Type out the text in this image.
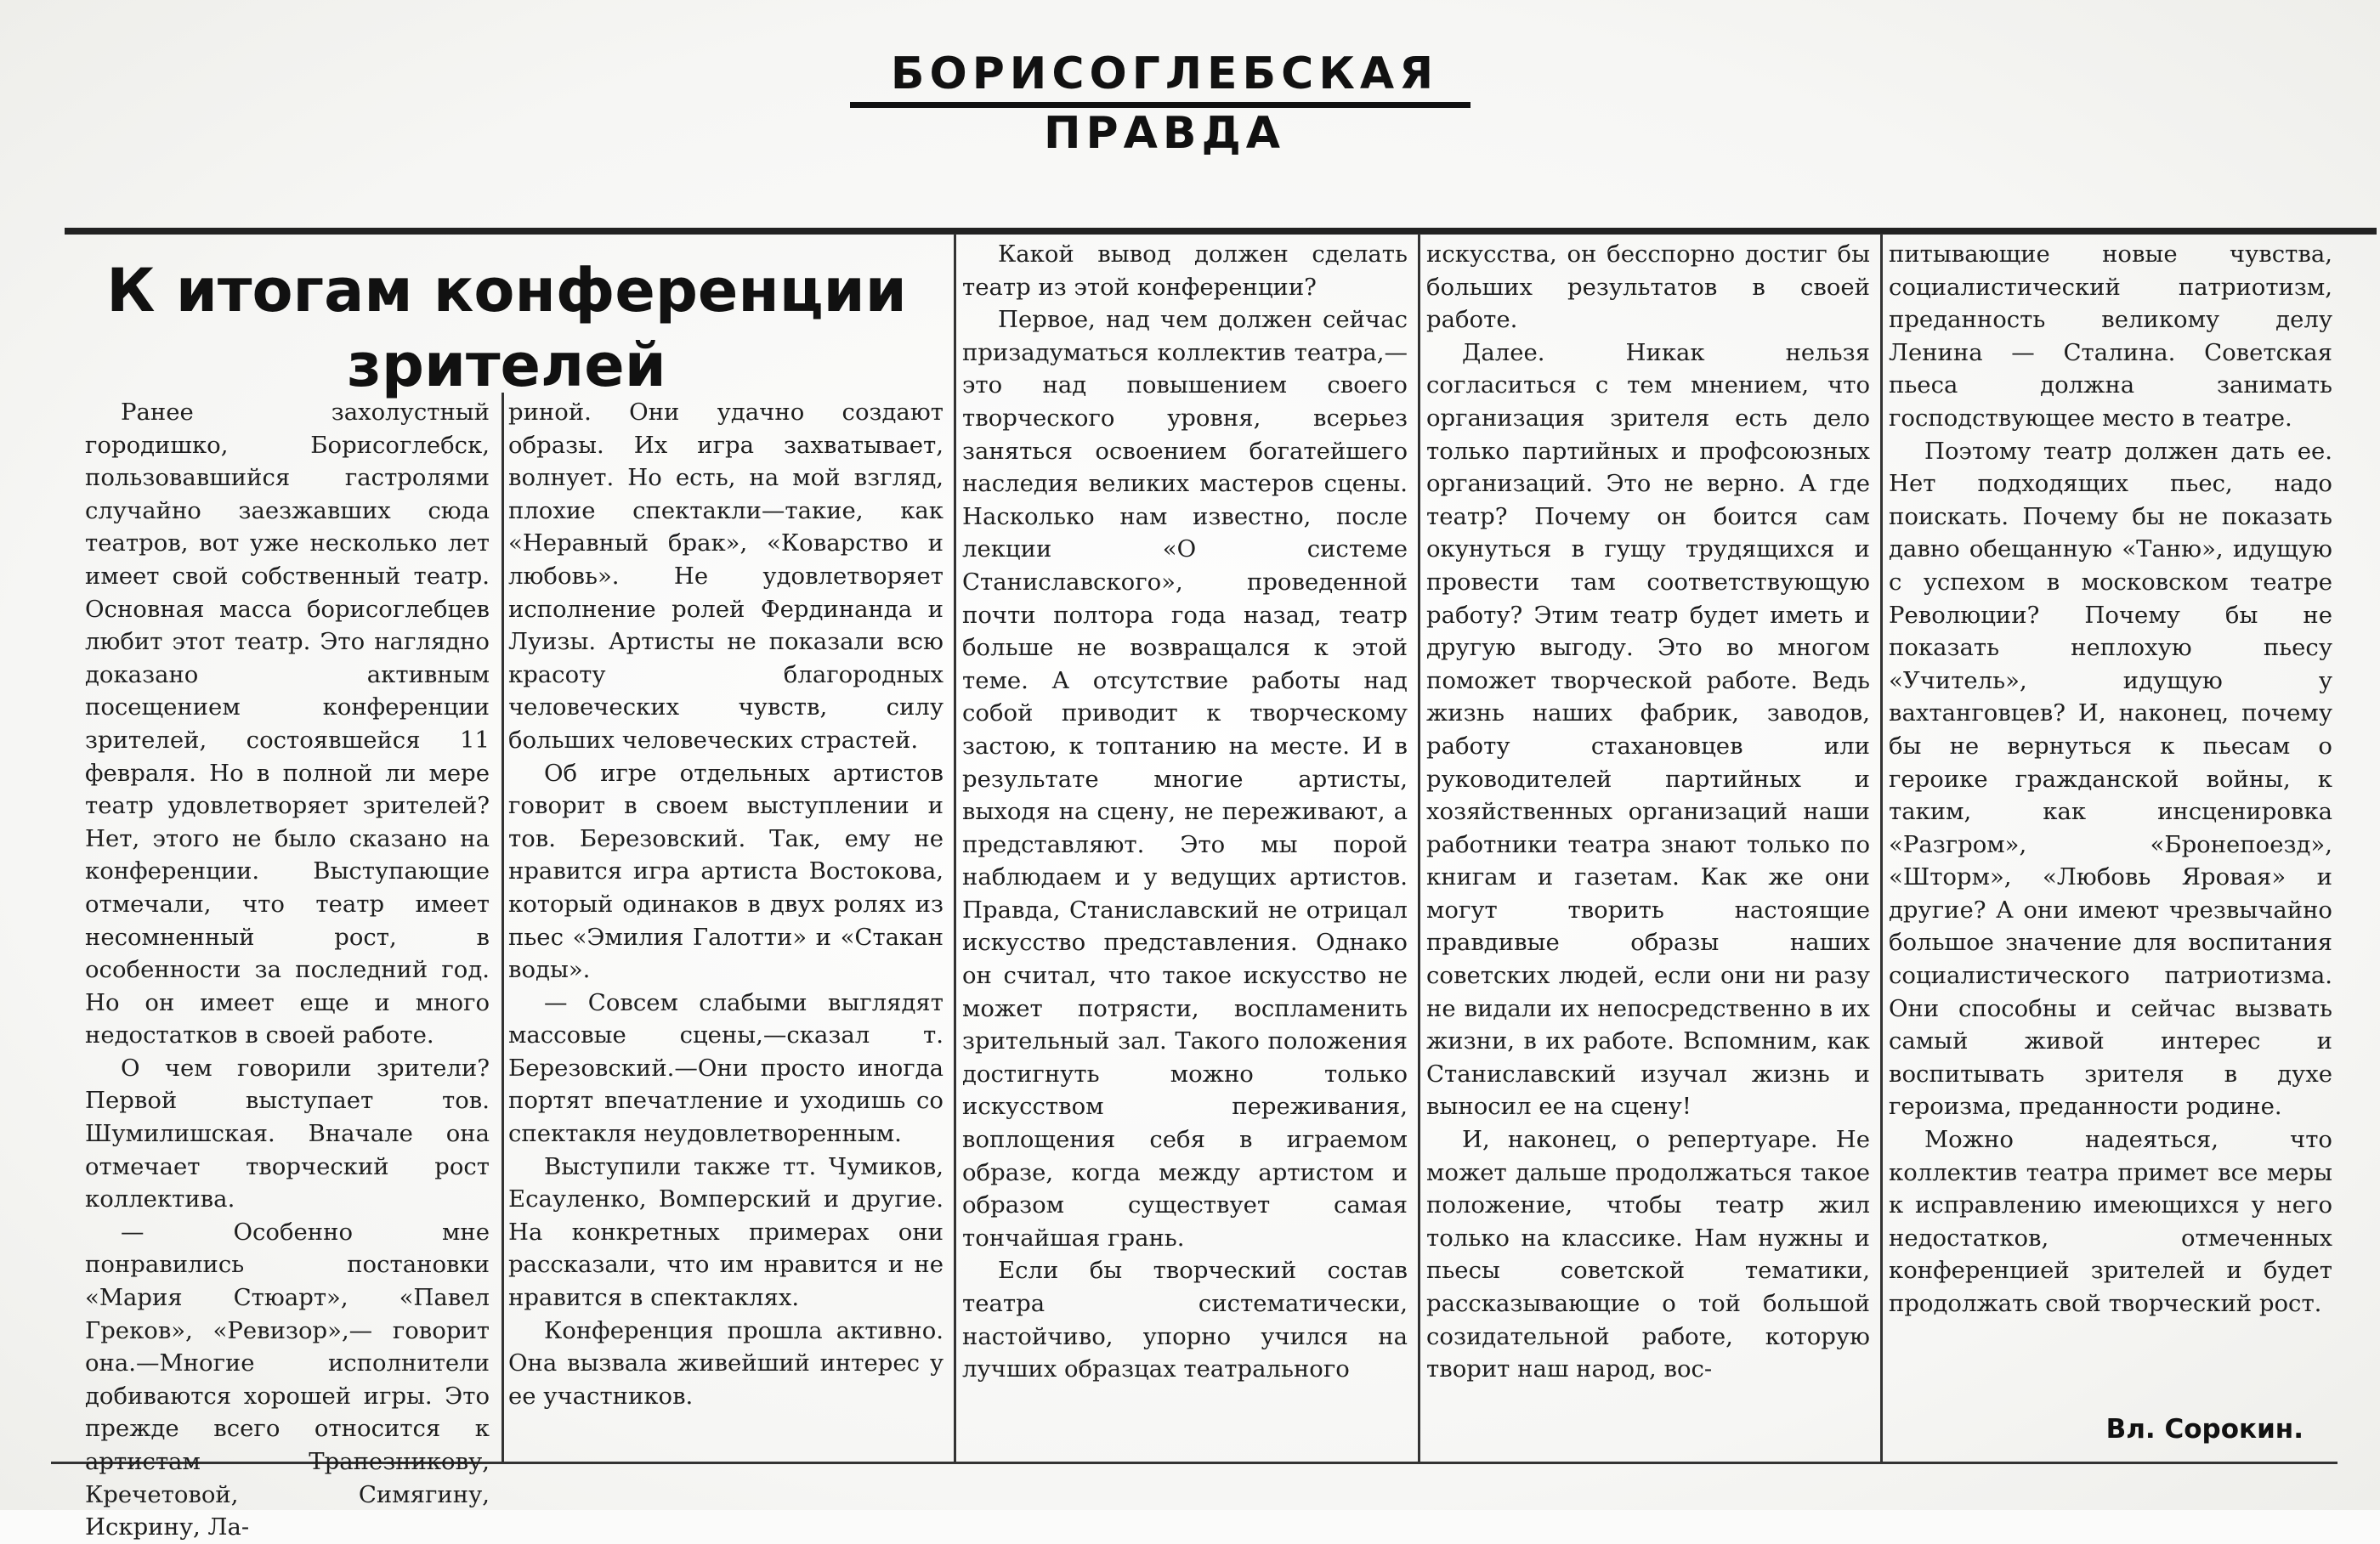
БОРИСОГЛЕБСКАЯ ПРАВДА
К итогам конференции
зрителей

Ранее захолустный городишко, Борисоглебск, пользовавшийся гастролями случайно заезжавших сюда театров, вот уже несколько лет имеет свой собственный театр. Основная масса борисоглебцев любит этот театр. Это наглядно доказано активным посещением конференции зрителей, состоявшейся 11 февраля. Но в полной ли мере театр удовлетворяет зрителей? Нет, этого не было сказано на конференции. Выступающие отмечали, что театр имеет несомненный рост, в особенности за последний год. Но он имеет еще и много недостатков в своей работе.

О чем говорили зрители? Первой выступает тов. Шумилишская. Вначале она отмечает творческий рост коллектива.

— Особенно мне понравились постановки «Мария Стюарт», «Павел Греков», «Ревизор»,— говорит она.—Многие исполнители добиваются хорошей игры. Это прежде всего относится к артистам Трапезникову, Кречетовой, Симягину, Искрину, Ла-

риной. Они удачно создают образы. Их игра захватывает, волнует. Но есть, на мой взгляд, плохие спектакли—такие, как «Неравный брак», «Коварство и любовь». Не удовлетворяет исполнение ролей Фердинанда и Луизы. Артисты не показали всю красоту благородных человеческих чувств, силу больших человеческих страстей.

Об игре отдельных артистов говорит в своем выступлении и тов. Березовский. Так, ему не нравится игра артиста Востокова, который одинаков в двух ролях из пьес «Эмилия Галотти» и «Стакан воды».

— Совсем слабыми выглядят массовые сцены,—сказал т. Березовский.—Они просто иногда портят впечатление и уходишь со спектакля неудовлетворенным.

Выступили также тт. Чумиков, Есауленко, Вомперский и другие. На конкретных примерах они рассказали, что им нравится и не нравится в спектаклях.

Конференция прошла активно. Она вызвала живейший интерес у ее участников.

Какой вывод должен сделать театр из этой конференции?

Первое, над чем должен сейчас призадуматься коллектив театра,—это над повышением своего творческого уровня, всерьез заняться освоением богатейшего наследия великих мастеров сцены. Насколько нам известно, после лекции «О системе Станиславского», проведенной почти полтора года назад, театр больше не возвращался к этой теме. А отсутствие работы над собой приводит к творческому застою, к топтанию на месте. И в результате многие артисты, выходя на сцену, не переживают, а представляют. Это мы порой наблюдаем и у ведущих артистов. Правда, Станиславский не отрицал искусство представления. Однако он считал, что такое искусство не может потрясти, воспламенить зрительный зал. Такого положения достигнуть можно только искусством переживания, воплощения себя в играемом образе, когда между артистом и образом существует самая тончайшая грань.

Если бы творческий состав театра систематически, настойчиво, упорно учился на лучших образцах театрального

искусства, он бесспорно достиг бы больших результатов в своей работе.

Далее. Никак нельзя согласиться с тем мнением, что организация зрителя есть дело только партийных и профсоюзных организаций. Это не верно. А где театр? Почему он боится сам окунуться в гущу трудящихся и провести там соответствующую работу? Этим театр будет иметь и другую выгоду. Это во многом поможет творческой работе. Ведь жизнь наших фабрик, заводов, работу стахановцев или руководителей партийных и хозяйственных организаций наши работники театра знают только по книгам и газетам. Как же они могут творить настоящие правдивые образы наших советских людей, если они ни разу не видали их непосредственно в их жизни, в их работе. Вспомним, как Станиславский изучал жизнь и выносил ее на сцену!

И, наконец, о репертуаре. Не может дальше продолжаться такое положение, чтобы театр жил только на классике. Нам нужны и пьесы советской тематики, рассказывающие о той большой созидательной работе, которую творит наш народ, вос-

питывающие новые чувства, социалистический патриотизм, преданность великому делу Ленина — Сталина. Советская пьеса должна занимать господствующее место в театре.

Поэтому театр должен дать ее. Нет подходящих пьес, надо поискать. Почему бы не показать давно обещанную «Таню», идущую с успехом в московском театре Революции? Почему бы не показать неплохую пьесу «Учитель», идущую у вахтанговцев? И, наконец, почему бы не вернуться к пьесам о героике гражданской войны, к таким, как инсценировка «Разгром», «Бронепоезд», «Шторм», «Любовь Яровая» и другие? А они имеют чрезвычайно большое значение для воспитания социалистического патриотизма. Они способны и сейчас вызвать самый живой интерес и воспитывать зрителя в духе героизма, преданности родине.

Можно надеяться, что коллектив театра примет все меры к исправлению имеющихся у него недостатков, отмеченных конференцией зрителей и будет продолжать свой творческий рост.

Вл. Сорокин.
